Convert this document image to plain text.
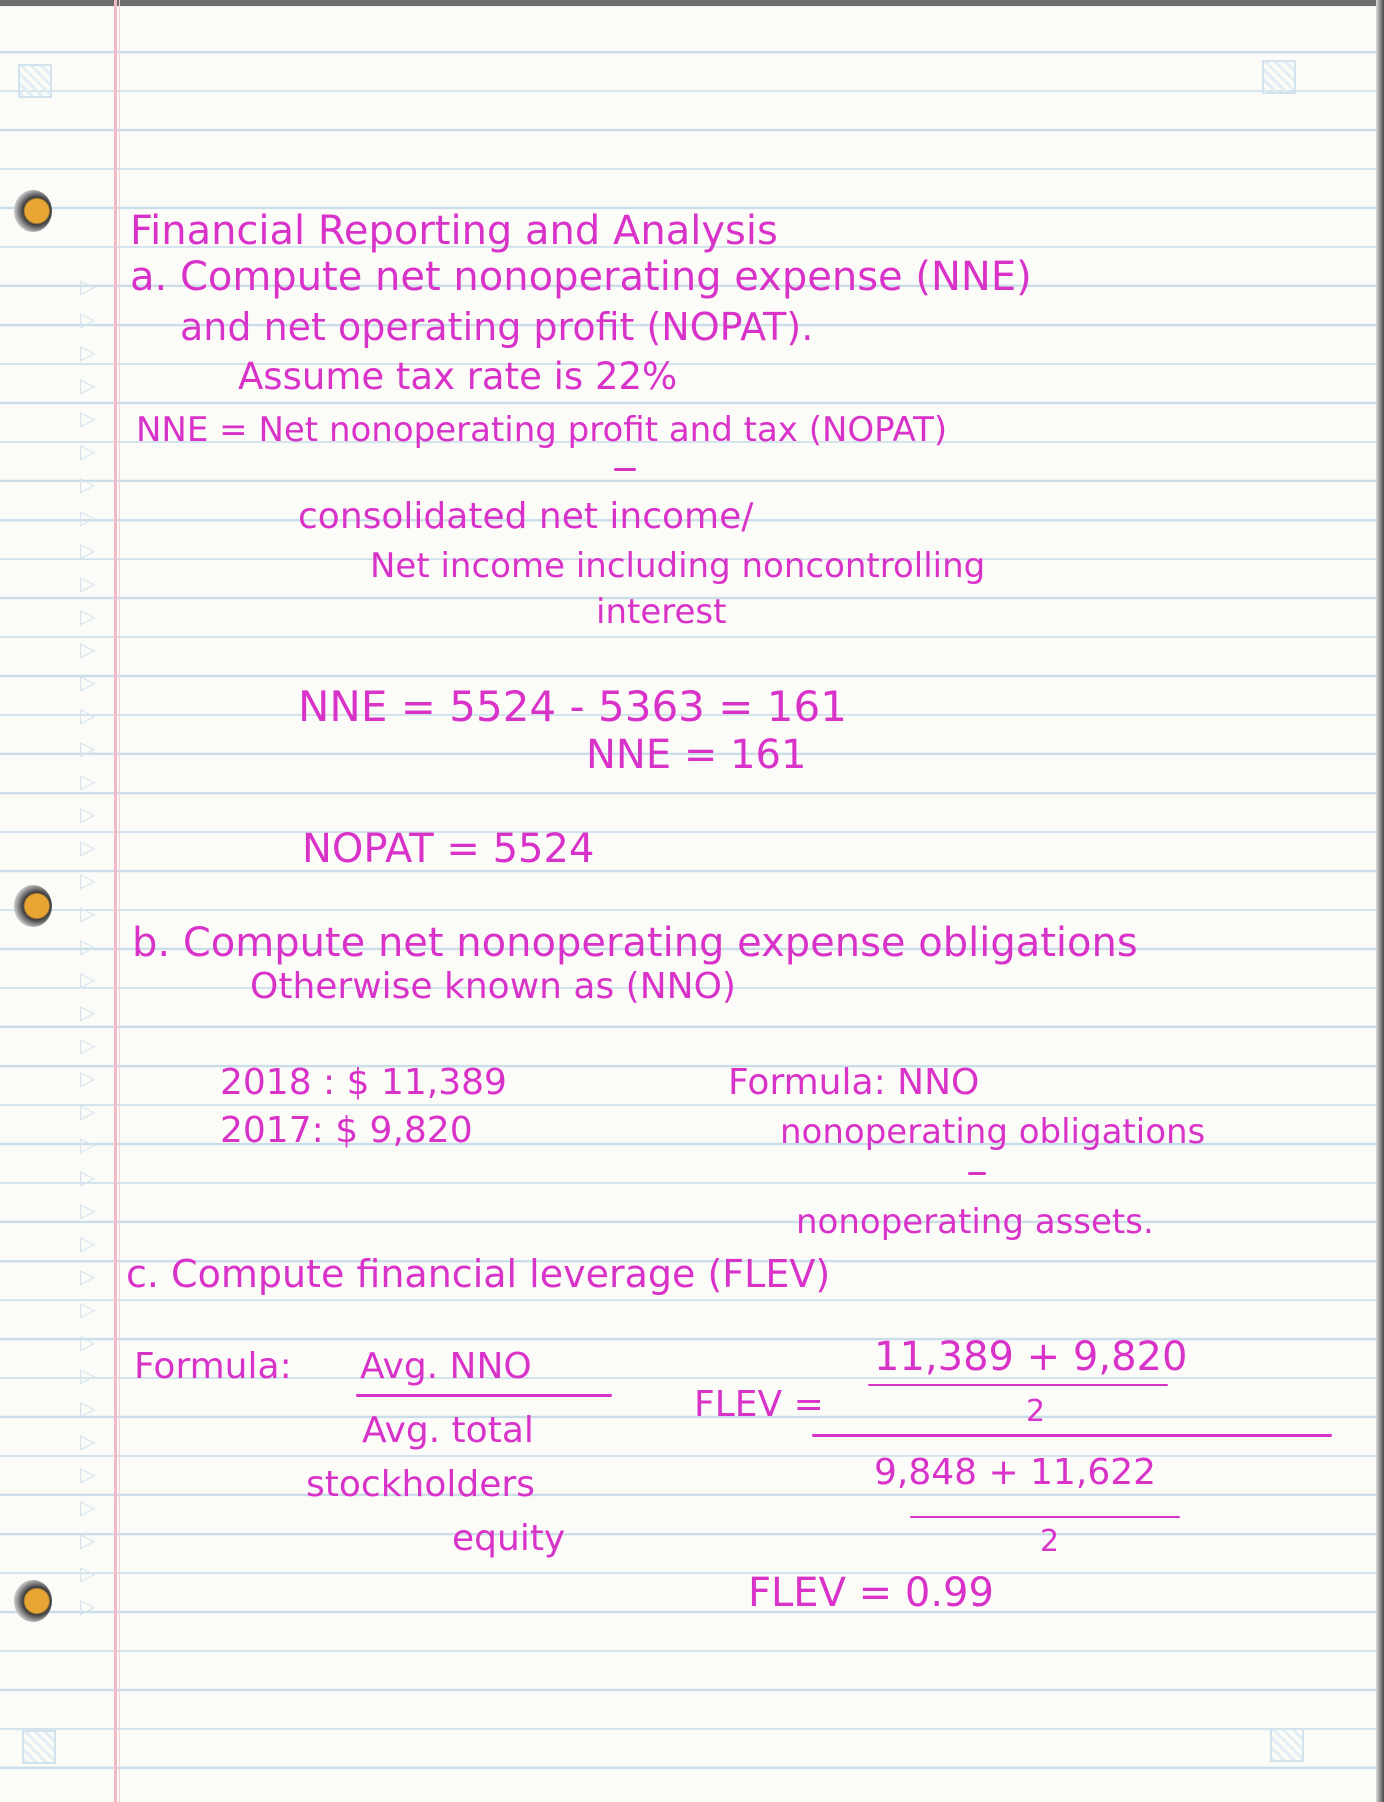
▷
▷
▷
▷
▷
▷
▷
▷
▷
▷
▷
▷
▷
▷
▷
▷
▷
▷
▷
▷
▷
▷
▷
▷
▷
▷
▷
▷
▷
▷
▷
▷
▷
▷
▷
▷
▷
▷
▷
▷
▷
Financial Reporting and Analysis
a. Compute net nonoperating expense (NNE)
and net operating profit (NOPAT).
Assume tax rate is 22%
NNE = Net nonoperating profit and tax (NOPAT)
consolidated net income/
Net income including noncontrolling
interest
NNE = 5524 - 5363 = 161
NNE = 161
NOPAT = 5524
b. Compute net nonoperating expense obligations
Otherwise known as (NNO)
2018 : $ 11,389
2017: $ 9,820
Formula: NNO
nonoperating obligations
nonoperating assets.
c. Compute financial leverage (FLEV)
Formula: Avg. NNO
Avg. total
stockholders
equity
FLEV =
11,389 + 9,820
2
9,848 + 11,622
2
FLEV = 0.99
